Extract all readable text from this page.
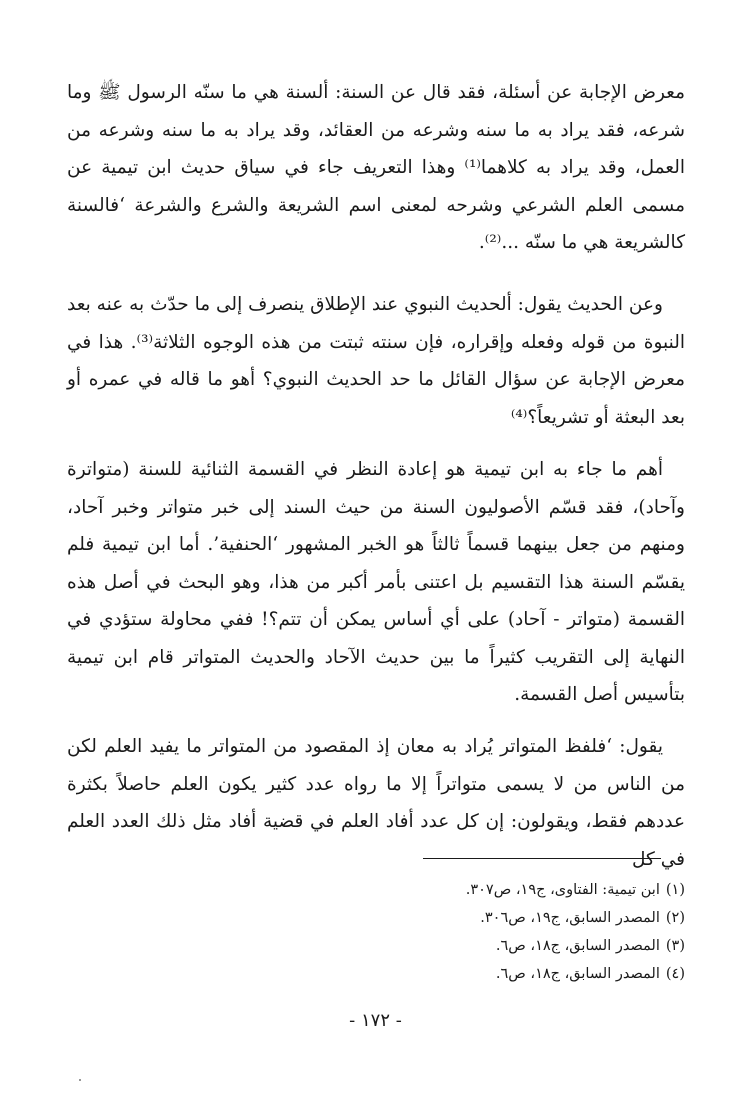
معرض الإجابة عن أسئلة، فقد قال عن السنة: ألسنة هي ما سنّه الرسول ﷺ وما شرعه، فقد يراد به ما سنه وشرعه من العقائد، وقد يراد به ما سنه وشرعه من العمل، وقد يراد به كلاهما⁽¹⁾ وهذا التعريف جاء في سياق حديث ابن تيمية عن مسمى العلم الشرعي وشرحه لمعنى اسم الشريعة والشرع والشرعة ‘فالسنة كالشريعة هي ما سنّه ...⁽²⁾.

وعن الحديث يقول: ألحديث النبوي عند الإطلاق ينصرف إلى ما حدّث به عنه بعد النبوة من قوله وفعله وإقراره، فإن سنته ثبتت من هذه الوجوه الثلاثة⁽³⁾. هذا في معرض الإجابة عن سؤال القائل ما حد الحديث النبوي؟ أهو ما قاله في عمره أو بعد البعثة أو تشريعاً؟⁽⁴⁾

أهم ما جاء به ابن تيمية هو إعادة النظر في القسمة الثنائية للسنة (متواترة وآحاد)، فقد قسّم الأصوليون السنة من حيث السند إلى خبر متواتر وخبر آحاد، ومنهم من جعل بينهما قسماً ثالثاً هو الخبر المشهور ‘الحنفية’. أما ابن تيمية فلم يقسّم السنة هذا التقسيم بل اعتنى بأمر أكبر من هذا، وهو البحث في أصل هذه القسمة (متواتر - آحاد) على أي أساس يمكن أن تتم؟! ففي محاولة ستؤدي في النهاية إلى التقريب كثيراً ما بين حديث الآحاد والحديث المتواتر قام ابن تيمية بتأسيس أصل القسمة.

يقول: ‘فلفظ المتواتر يُراد به معان إذ المقصود من المتواتر ما يفيد العلم لكن من الناس من لا يسمى متواتراً إلا ما رواه عدد كثير يكون العلم حاصلاً بكثرة عددهم فقط، ويقولون: إن كل عدد أفاد العلم في قضية أفاد مثل ذلك العدد العلم في كل

(١)ابن تيمية: الفتاوى، ج١٩، ص٣٠٧.
(٢)المصدر السابق، ج١٩، ص٣٠٦.
(٣)المصدر السابق، ج١٨، ص٦.
(٤)المصدر السابق، ج١٨، ص٦.
- ١٧٢ -
